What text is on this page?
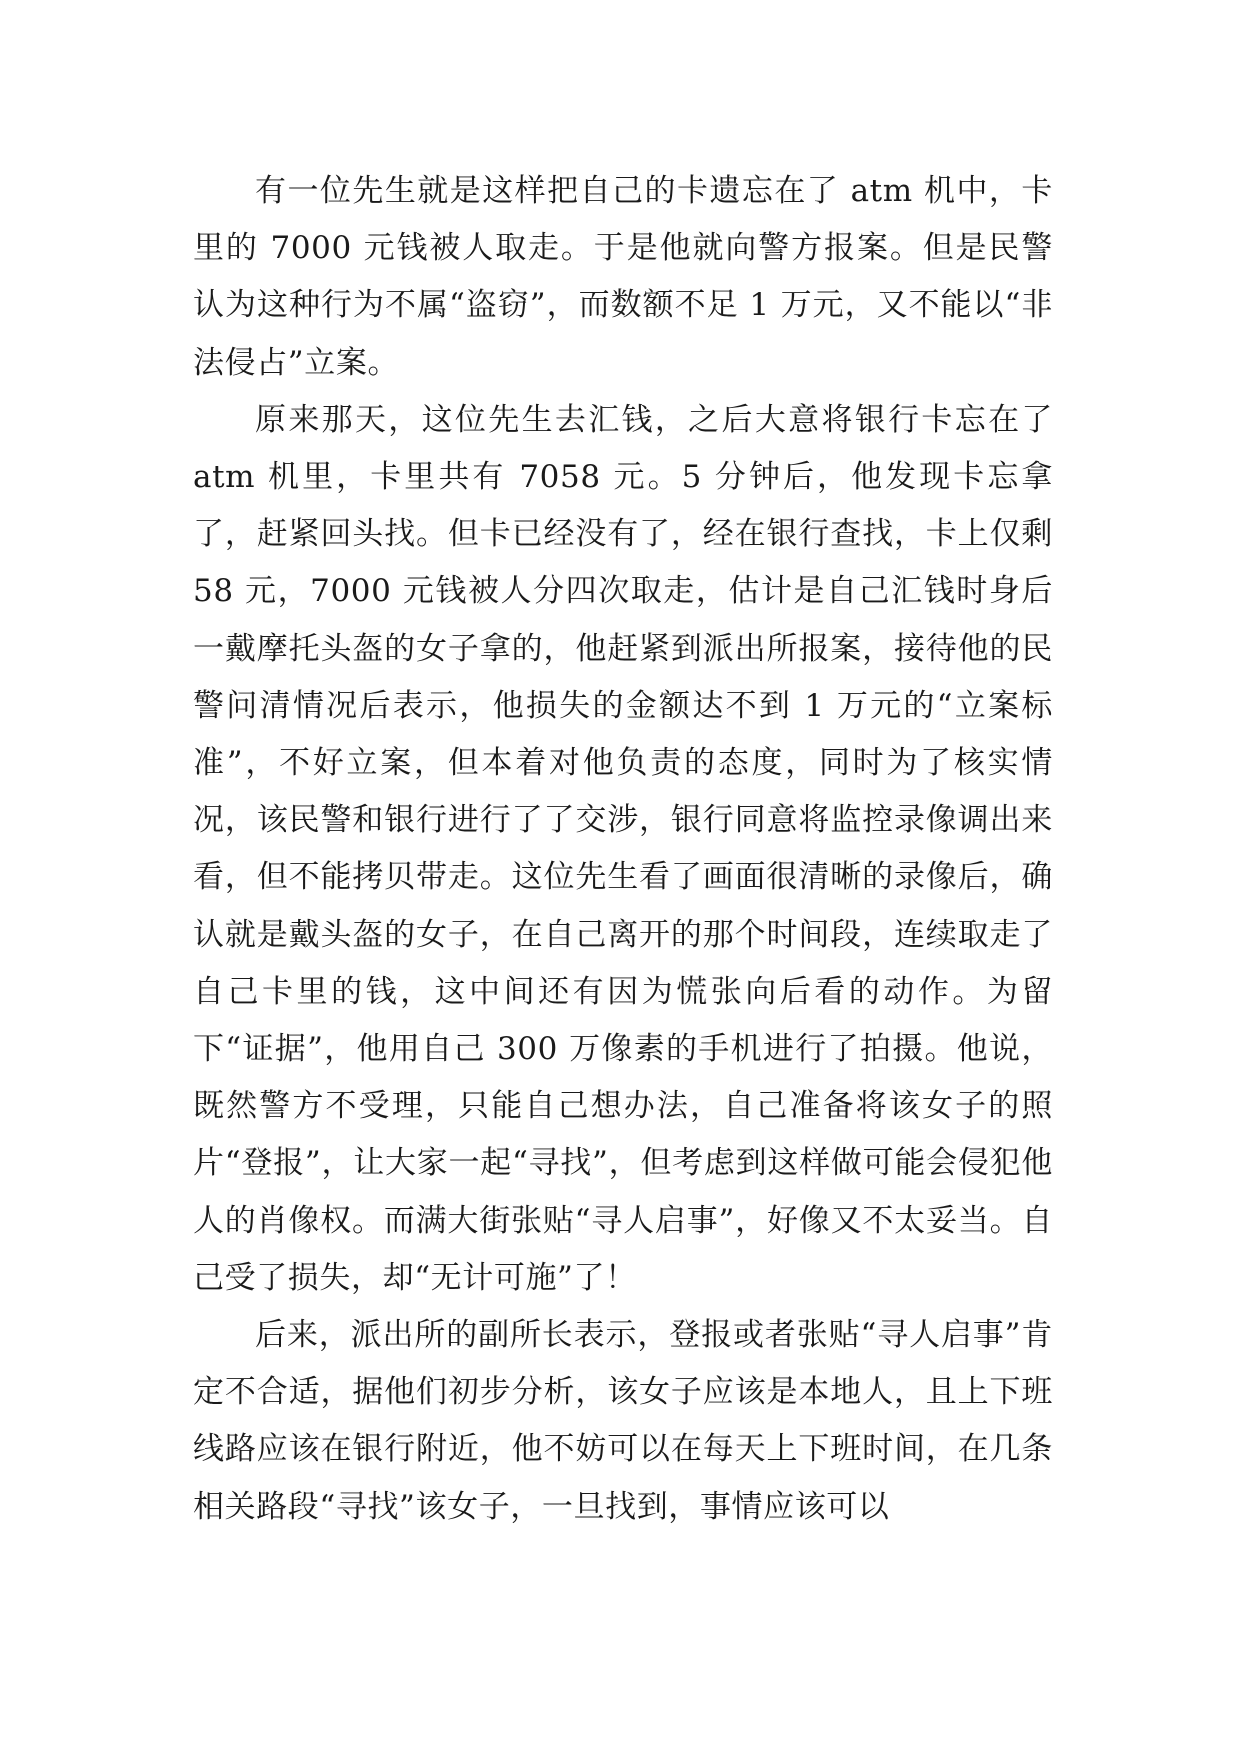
有一位先生就是这样把自己的卡遗忘在了 atm 机中，卡里的 7000 元钱被人取走。于是他就向警方报案。但是民警认为这种行为不属“盗窃”，而数额不足 1 万元，又不能以“非法侵占”立案。

原来那天，这位先生去汇钱，之后大意将银行卡忘在了 atm 机里，卡里共有 7058 元。5 分钟后，他发现卡忘拿了，赶紧回头找。但卡已经没有了，经在银行查找，卡上仅剩 58 元，7000 元钱被人分四次取走，估计是自己汇钱时身后一戴摩托头盔的女子拿的，他赶紧到派出所报案，接待他的民警问清情况后表示，他损失的金额达不到 1 万元的“立案标准”，不好立案，但本着对他负责的态度，同时为了核实情况，该民警和银行进行了了交涉，银行同意将监控录像调出来看，但不能拷贝带走。这位先生看了画面很清晰的录像后，确认就是戴头盔的女子，在自己离开的那个时间段，连续取走了自己卡里的钱，这中间还有因为慌张向后看的动作。为留下“证据”，他用自己 300 万像素的手机进行了拍摄。他说，既然警方不受理，只能自己想办法，自己准备将该女子的照片“登报”，让大家一起“寻找”，但考虑到这样做可能会侵犯他人的肖像权。而满大街张贴“寻人启事”，好像又不太妥当。自己受了损失，却“无计可施”了！

后来，派出所的副所长表示，登报或者张贴“寻人启事”肯定不合适，据他们初步分析，该女子应该是本地人，且上下班线路应该在银行附近，他不妨可以在每天上下班时间，在几条相关路段“寻找”该女子，一旦找到，事情应该可以
